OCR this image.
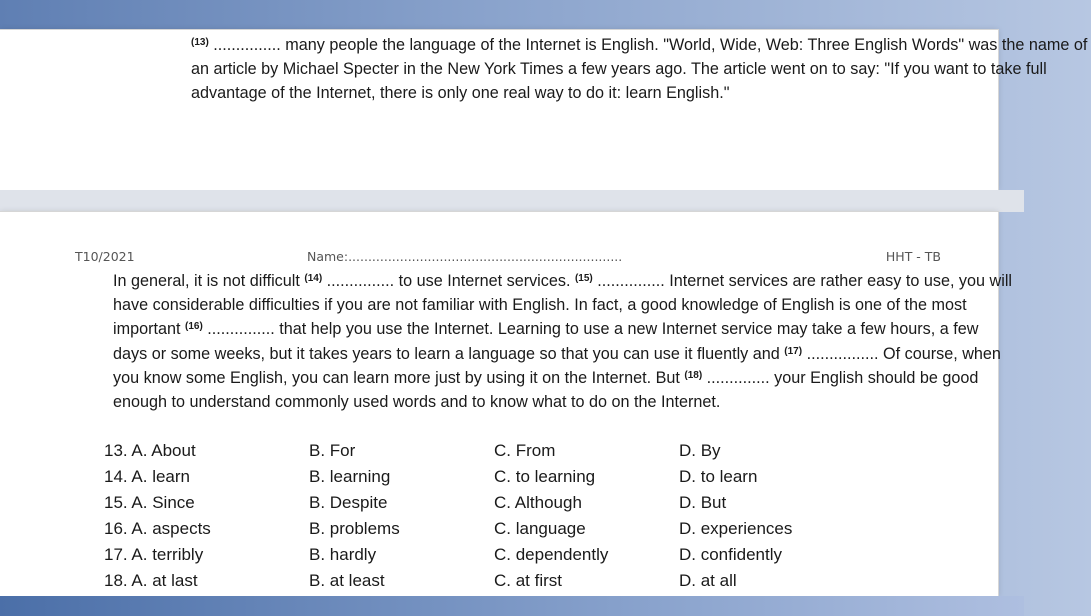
$^{(13)}$ ............... many people the language of the Internet is English. "World, Wide, Web: Three English Words" was the name of an article by Michael Specter in the New York Times a few years ago. The article went on to say: "If you want to take full advantage of the Internet, there is only one real way to do it: learn English."

T10/2021	Name:.....................................................................	HHT - TB

In general, it is not difficult $^{(14)}$ ............... to use Internet services. $^{(15)}$ ............... Internet services are rather easy to use, you will have considerable difficulties if you are not familiar with English. In fact, a good knowledge of English is one of the most important $^{(16)}$ ............... that help you use the Internet. Learning to use a new Internet service may take a few hours, a few days or some weeks, but it takes years to learn a language so that you can use it fluently and $^{(17)}$ ................ Of course, when you know some English, you can learn more just by using it on the Internet. But $^{(18)}$ .............. your English should be good enough to understand commonly used words and to know what to do on the Internet.

13. A. About	B. For	C. From	D. By
14. A. learn	B. learning	C. to learning	D. to learn
15. A. Since	B. Despite	C. Although	D. But
16. A. aspects	B. problems	C. language	D. experiences
17. A. terribly	B. hardly	C. dependently	D. confidently
18. A. at last	B. at least	C. at first	D. at all
